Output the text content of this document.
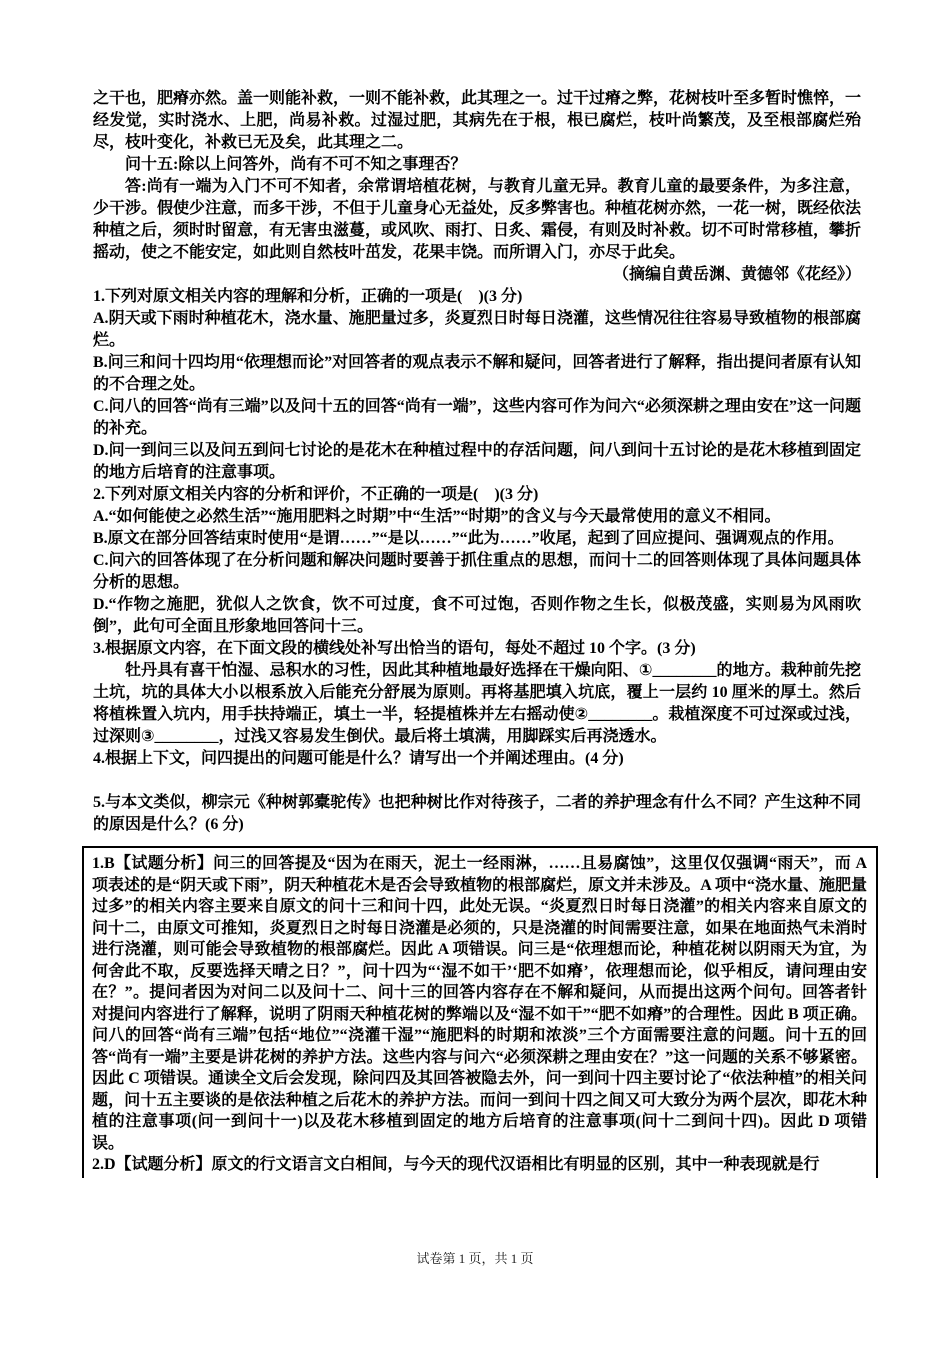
之干也，肥瘠亦然。盖一则能补救，一则不能补救，此其理之一。过干过瘠之弊，花树枝叶至多暂时憔悴，一经发觉，实时浇水、上肥，尚易补救。过湿过肥，其病先在于根，根已腐烂，枝叶尚繁茂，及至根部腐烂殆尽，枝叶变化，补救已无及矣，此其理之二。

问十五:除以上问答外，尚有不可不知之事理否？

答:尚有一端为入门不可不知者，余常谓培植花树，与教育儿童无异。教育儿童的最要条件，为多注意，少干涉。假使少注意，而多干涉，不但于儿童身心无益处，反多弊害也。种植花树亦然，一花一树，既经依法种植之后，须时时留意，有无害虫滋蔓，或风吹、雨打、日炙、霜侵，有则及时补救。切不可时常移植，攀折摇动，使之不能安定，如此则自然枝叶茁发，花果丰饶。而所谓入门，亦尽于此矣。

（摘编自黄岳渊、黄德邻《花经》）

1.下列对原文相关内容的理解和分析，正确的一项是(　)(3 分)

A.阴天或下雨时种植花木，浇水量、施肥量过多，炎夏烈日时每日浇灌，这些情况往往容易导致植物的根部腐烂。

B.问三和问十四均用“依理想而论”对回答者的观点表示不解和疑问，回答者进行了解释，指出提问者原有认知的不合理之处。

C.问八的回答“尚有三端”以及问十五的回答“尚有一端”，这些内容可作为问六“必须深耕之理由安在”这一问题的补充。

D.问一到问三以及问五到问七讨论的是花木在种植过程中的存活问题，问八到问十五讨论的是花木移植到固定的地方后培育的注意事项。

2.下列对原文相关内容的分析和评价，不正确的一项是(　)(3 分)

A.“如何能使之必然生活”“施用肥料之时期”中“生活”“时期”的含义与今天最常使用的意义不相同。

B.原文在部分回答结束时使用“是谓……”“是以……”“此为……”收尾，起到了回应提问、强调观点的作用。

C.问六的回答体现了在分析问题和解决问题时要善于抓住重点的思想，而问十二的回答则体现了具体问题具体分析的思想。

D.“作物之施肥，犹似人之饮食，饮不可过度，食不可过饱，否则作物之生长，似极茂盛，实则易为风雨吹倒”，此句可全面且形象地回答问十三。

3.根据原文内容，在下面文段的横线处补写出恰当的语句，每处不超过 10 个字。(3 分)

牡丹具有喜干怕湿、忌积水的习性，因此其种植地最好选择在干燥向阳、①________的地方。栽种前先挖土坑，坑的具体大小以根系放入后能充分舒展为原则。再将基肥填入坑底，覆上一层约 10 厘米的厚土。然后将植株置入坑内，用手扶持端正，填土一半，轻提植株并左右摇动使②________。栽植深度不可过深或过浅，过深则③________，过浅又容易发生倒伏。最后将土填满，用脚踩实后再浇透水。

4.根据上下文，问四提出的问题可能是什么？请写出一个并阐述理由。(4 分)

5.与本文类似，柳宗元《种树郭橐驼传》也把种树比作对待孩子，二者的养护理念有什么不同？产生这种不同的原因是什么？(6 分)

1.B【试题分析】问三的回答提及“因为在雨天，泥土一经雨淋，……且易腐蚀”，这里仅仅强调“雨天”，而 A 项表述的是“阴天或下雨”，阴天种植花木是否会导致植物的根部腐烂，原文并未涉及。A 项中“浇水量、施肥量过多”的相关内容主要来自原文的问十三和问十四，此处无误。“炎夏烈日时每日浇灌”的相关内容来自原文的问十二，由原文可推知，炎夏烈日之时每日浇灌是必须的，只是浇灌的时间需要注意，如果在地面热气未消时进行浇灌，则可能会导致植物的根部腐烂。因此 A 项错误。问三是“依理想而论，种植花树以阴雨天为宜，为何舍此不取，反要选择天晴之日？”，问十四为“‘湿不如干’‘肥不如瘠’，依理想而论，似乎相反，请问理由安在？”。提问者因为对问二以及问十二、问十三的回答内容存在不解和疑问，从而提出这两个问句。回答者针对提问内容进行了解释，说明了阴雨天种植花树的弊端以及“湿不如干”“肥不如瘠”的合理性。因此 B 项正确。问八的回答“尚有三端”包括“地位”“浇灌干湿”“施肥料的时期和浓淡”三个方面需要注意的问题。问十五的回答“尚有一端”主要是讲花树的养护方法。这些内容与问六“必须深耕之理由安在？”这一问题的关系不够紧密。因此 C 项错误。通读全文后会发现，除问四及其回答被隐去外，问一到问十四主要讨论了“依法种植”的相关问题，问十五主要谈的是依法种植之后花木的养护方法。而问一到问十四之间又可大致分为两个层次，即花木种植的注意事项(问一到问十一)以及花木移植到固定的地方后培育的注意事项(问十二到问十四)。因此 D 项错误。

2.D【试题分析】原文的行文语言文白相间，与今天的现代汉语相比有明显的区别，其中一种表现就是行

试卷第 1 页，共 1 页
